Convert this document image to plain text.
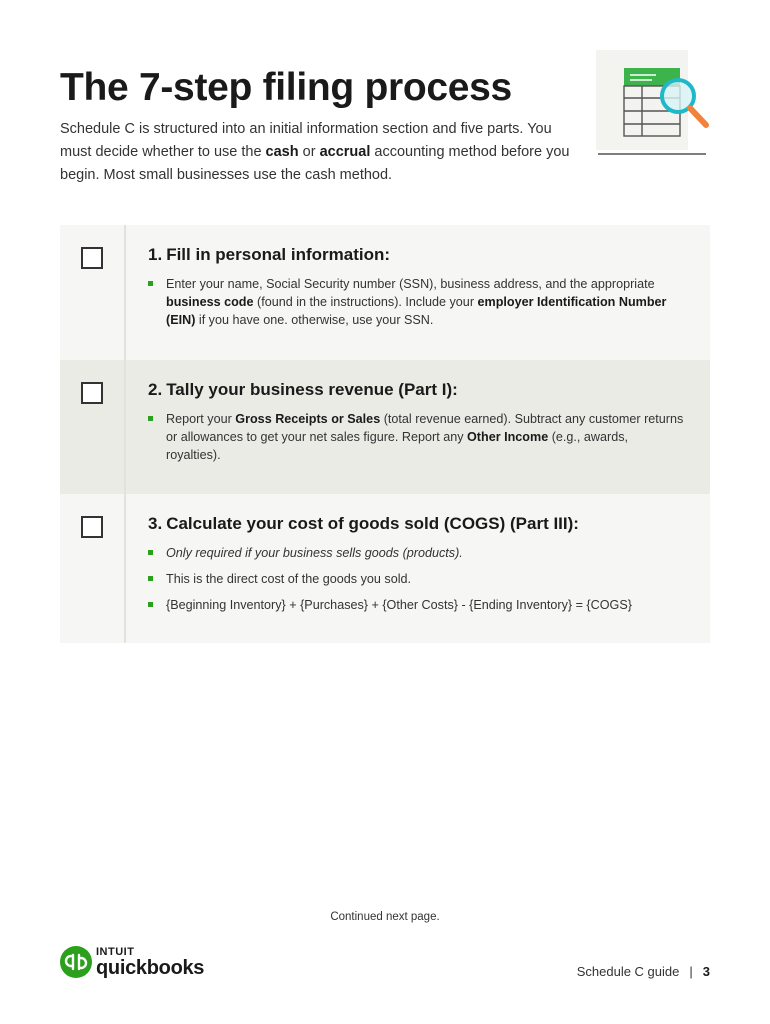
The 7-step filing process

Schedule C is structured into an initial information section and five parts. You must decide whether to use the cash or accrual accounting method before you begin. Most small businesses use the cash method.

1. Fill in personal information:
Enter your name, Social Security number (SSN), business address, and the appropriate business code (found in the instructions). Include your employer Identification Number (EIN) if you have one. otherwise, use your SSN.
2. Tally your business revenue (Part I):
Report your Gross Receipts or Sales (total revenue earned). Subtract any customer returns or allowances to get your net sales figure. Report any Other Income (e.g., awards, royalties).
3. Calculate your cost of goods sold (COGS) (Part III):
Only required if your business sells goods (products).
This is the direct cost of the goods you sold.
{Beginning Inventory} + {Purchases} + {Other Costs} - {Ending Inventory} = {COGS}
Continued next page.
INTUIT
quickbooks	Schedule C guide | 3
